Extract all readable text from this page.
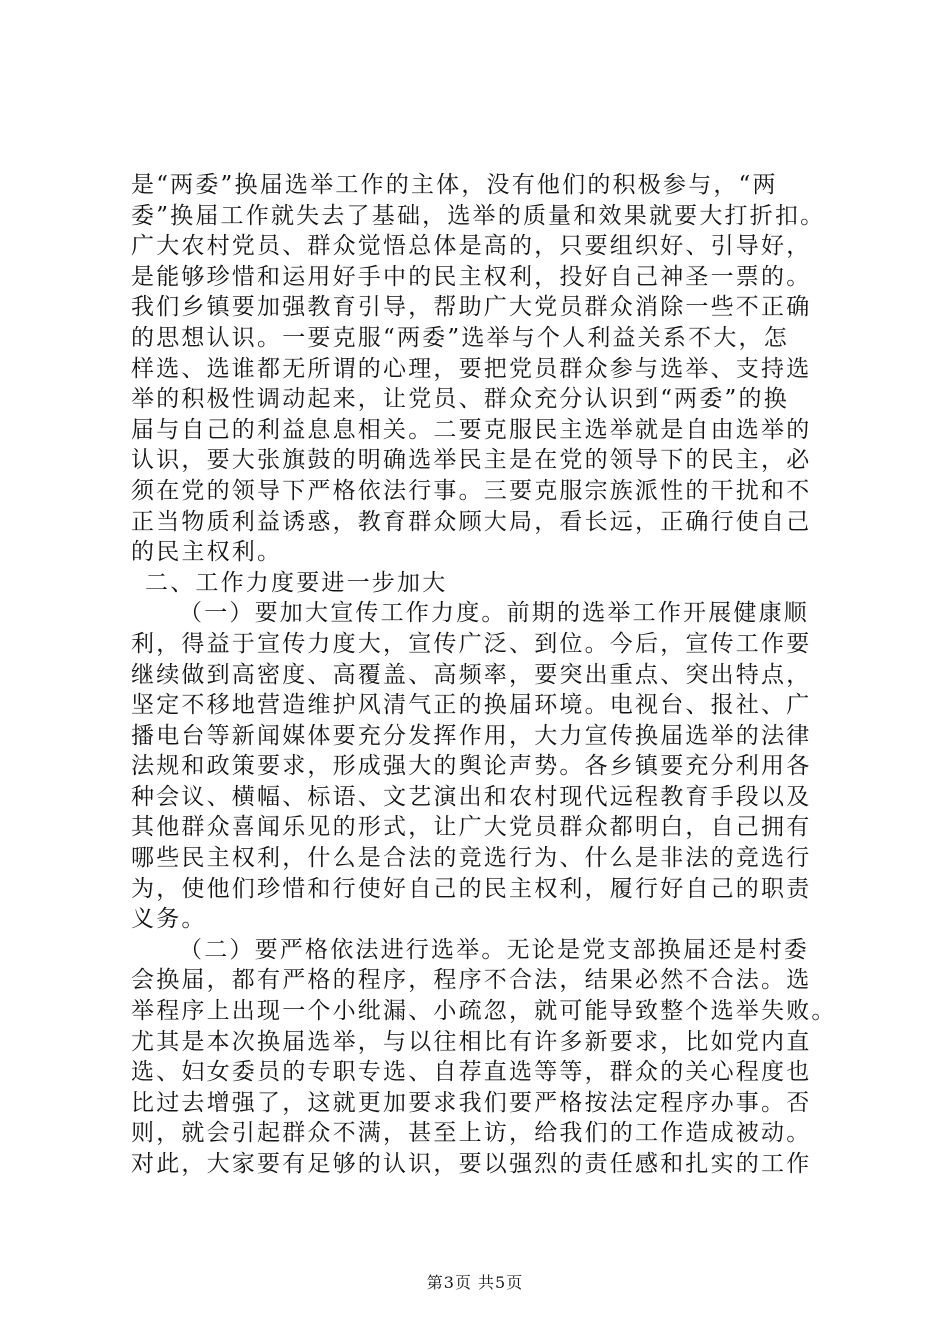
是“两委”换届选举工作的主体，没有他们的积极参与，“两
委”换届工作就失去了基础，选举的质量和效果就要大打折扣。
广大农村党员、群众觉悟总体是高的，只要组织好、引导好，
是能够珍惜和运用好手中的民主权利，投好自己神圣一票的。
我们乡镇要加强教育引导，帮助广大党员群众消除一些不正确
的思想认识。一要克服“两委”选举与个人利益关系不大，怎
样选、选谁都无所谓的心理，要把党员群众参与选举、支持选
举的积极性调动起来，让党员、群众充分认识到“两委”的换
届与自己的利益息息相关。二要克服民主选举就是自由选举的
认识，要大张旗鼓的明确选举民主是在党的领导下的民主，必
须在党的领导下严格依法行事。三要克服宗族派性的干扰和不
正当物质利益诱惑，教育群众顾大局，看长远，正确行使自己
的民主权利。
二、工作力度要进一步加大
（一）要加大宣传工作力度。前期的选举工作开展健康顺
利，得益于宣传力度大，宣传广泛、到位。今后，宣传工作要
继续做到高密度、高覆盖、高频率，要突出重点、突出特点，
坚定不移地营造维护风清气正的换届环境。电视台、报社、广
播电台等新闻媒体要充分发挥作用，大力宣传换届选举的法律
法规和政策要求，形成强大的舆论声势。各乡镇要充分利用各
种会议、横幅、标语、文艺演出和农村现代远程教育手段以及
其他群众喜闻乐见的形式，让广大党员群众都明白，自己拥有
哪些民主权利，什么是合法的竞选行为、什么是非法的竞选行
为，使他们珍惜和行使好自己的民主权利，履行好自己的职责
义务。
（二）要严格依法进行选举。无论是党支部换届还是村委
会换届，都有严格的程序，程序不合法，结果必然不合法。选
举程序上出现一个小纰漏、小疏忽，就可能导致整个选举失败。
尤其是本次换届选举，与以往相比有许多新要求，比如党内直
选、妇女委员的专职专选、自荐直选等等，群众的关心程度也
比过去增强了，这就更加要求我们要严格按法定程序办事。否
则，就会引起群众不满，甚至上访，给我们的工作造成被动。
对此，大家要有足够的认识，要以强烈的责任感和扎实的工作
第3页 共5页
